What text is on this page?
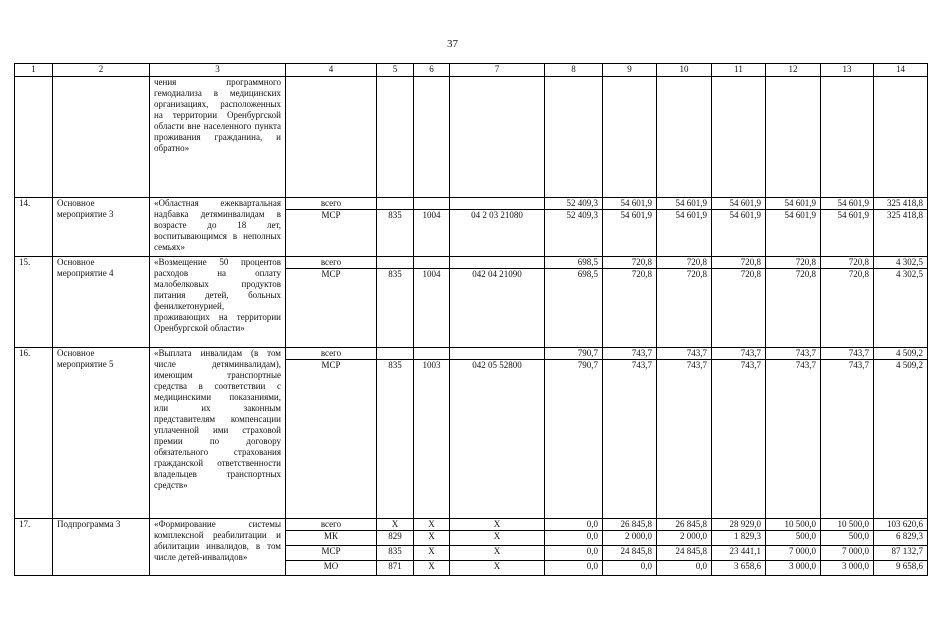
37
1	2	3	4	5	6	7	8	9	10	11	12	13	14
		чения программного гемодиализа в медицинских организациях, расположенных на территории Оренбургской области вне населенного пункта проживания гражданина, и обратно»											
14.	Основное мероприятие 3	«Областная ежеквартальная надбавка детяминвалидам в возрасте до 18 лет, воспитывающимся в неполных семьях»	всего				52 409,3	54 601,9	54 601,9	54 601,9	54 601,9	54 601,9	325 418,8
			МСР	835	1004	04 2 03 21080	52 409,3	54 601,9	54 601,9	54 601,9	54 601,9	54 601,9	325 418,8
15.	Основное мероприятие 4	«Возмещение 50 процентов расходов на оплату малобелковых продуктов питания детей, больных фенилкетонурией, проживающих на территории Оренбургской области»	всего				698,5	720,8	720,8	720,8	720,8	720,8	4 302,5
			МСР	835	1004	042 04 21090	698,5	720,8	720,8	720,8	720,8	720,8	4 302,5
16.	Основное мероприятие 5	«Выплата инвалидам (в том числе детяминвалидам), имеющим транспортные средства в соответствии с медицинскими показаниями, или их законным представителям компенсации уплаченной ими страховой премии по договору обязательного страхования гражданской ответственности владельцев транспортных средств»	всего				790,7	743,7	743,7	743,7	743,7	743,7	4 509,2
			МСР	835	1003	042 05 52800	790,7	743,7	743,7	743,7	743,7	743,7	4 509,2
17.	Подпрограмма 3	«Формирование системы комплексной реабилитации и абилитации инвалидов, в том числе детей-инвалидов»	всего	Х	Х	Х	0,0	26 845,8	26 845,8	28 929,0	10 500,0	10 500,0	103 620,6
			МК	829	Х	Х	0,0	2 000,0	2 000,0	1 829,3	500,0	500,0	6 829,3
			МСР	835	Х	Х	0,0	24 845,8	24 845,8	23 441,1	7 000,0	7 000,0	87 132,7
			МО	871	Х	Х	0,0	0,0	0,0	3 658,6	3 000,0	3 000,0	9 658,6
